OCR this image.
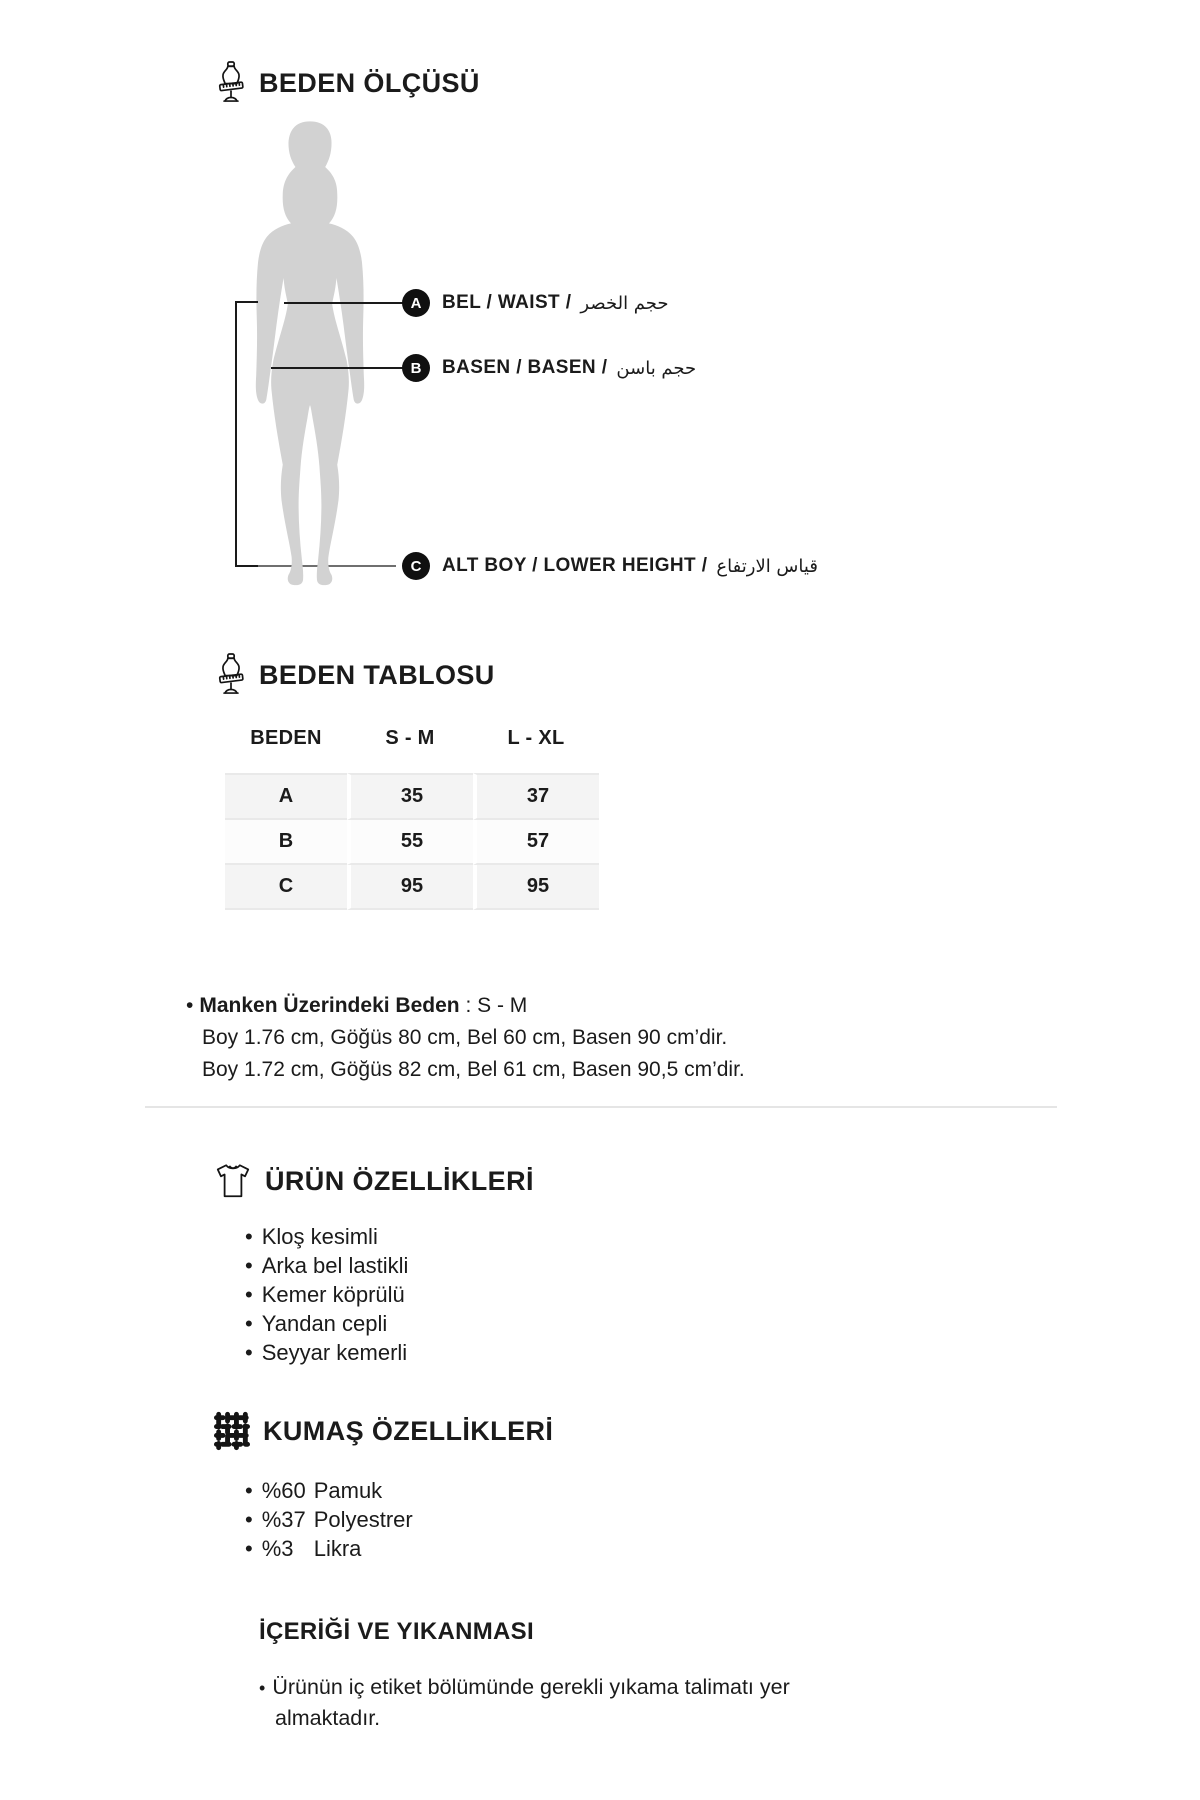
BEDEN ÖLÇÜSÜ
A
B
C
BEL / WAIST / حجم الخصر
BASEN / BASEN / حجم باسن
ALT BOY / LOWER HEIGHT / قياس الارتفاع
BEDEN TABLOSU
BEDEN	S - M	L - XL
A	35	37
B	55	57
C	95	95
• Manken Üzerindeki Beden : S - M
Boy 1.76 cm, Göğüs 80 cm, Bel 60 cm, Basen 90 cm’dir.
Boy 1.72 cm, Göğüs 82 cm, Bel 61 cm, Basen 90,5 cm’dir.
ÜRÜN ÖZELLİKLERİ
• Kloş kesimli
• Arka bel lastikli
• Kemer köprülü
• Yandan cepli
• Seyyar kemerli
KUMAŞ ÖZELLİKLERİ
• %60 Pamuk
• %37 Polyestrer
• %3 Likra
İÇERİĞİ VE YIKANMASI
• Ürünün iç etiket bölümünde gerekli yıkama talimatı yer almaktadır.
